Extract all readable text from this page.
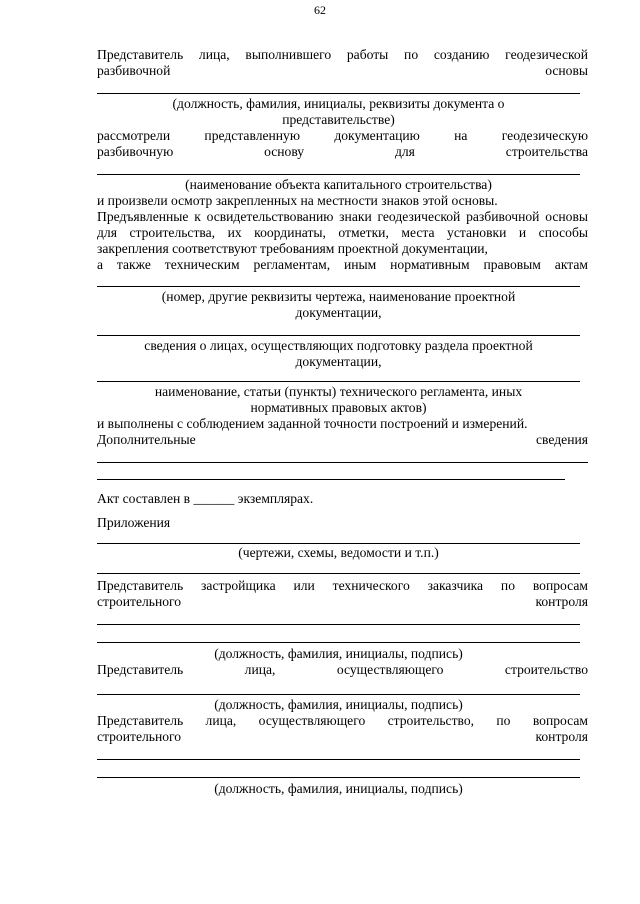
62
Представитель лица, выполнившего работы по созданию геодезической
разбивочной	основы
(должность, фамилия, инициалы, реквизиты документа о
представительстве)
рассмотрели представленную документацию на геодезическую
разбивочную основу для строительства
(наименование объекта капитального строительства)
и произвели осмотр закрепленных на местности знаков этой основы.
Предъявленные к освидетельствованию знаки геодезической разбивочной основы для строительства, их координаты, отметки, места установки и способы закрепления соответствуют требованиям проектной документации,
а также техническим регламентам, иным нормативным правовым актам
(номер, другие реквизиты чертежа, наименование проектной
документации,
сведения о лицах, осуществляющих подготовку раздела проектной
документации,
наименование, статьи (пункты) технического регламента, иных
нормативных правовых актов)
и выполнены с соблюдением заданной точности построений и измерений.
Дополнительные сведения
Акт составлен в ______ экземплярах.
Приложения
(чертежи, схемы, ведомости и т.п.)
Представитель застройщика или технического заказчика по вопросам
строительного контроля
(должность, фамилия, инициалы, подпись)
Представитель лица, осуществляющего строительство
(должность, фамилия, инициалы, подпись)
Представитель лица, осуществляющего строительство, по вопросам
строительного контроля
(должность, фамилия, инициалы, подпись)
